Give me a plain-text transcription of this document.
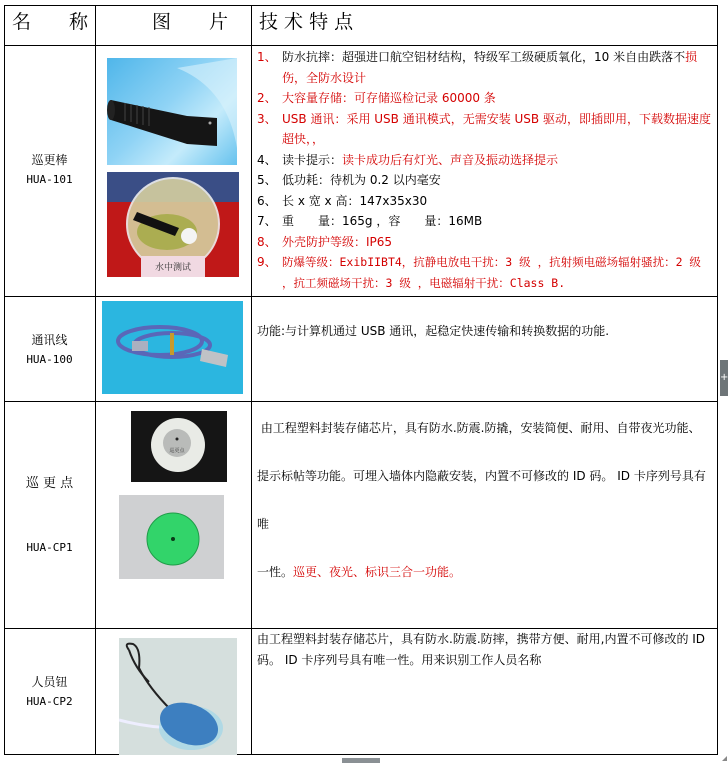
名　　称	图　　片	技 术 特 点
巡更棒
HUA-101
水中测试
1、 防水抗摔：超强进口航空铝材结构，特级军工级硬质氧化，10 米自由跌落不损伤，全防水设计
2、 大容量存储：可存储巡检记录 60000 条
3、 USB 通讯：采用 USB 通讯模式，无需安装 USB 驱动，即插即用，下载数据速度超快，，
4、 读卡提示：读卡成功后有灯光、声音及振动选择提示
5、 低功耗：待机为 0.2 以内毫安
6、 长 x 宽 x 高：147x35x30
7、 重　　量：165g ，容　　量：16MB
8、 外壳防护等级：IP65
9、 防爆等级：ExibIIBT4，抗静电放电干扰：3 级 ，抗射频电磁场辐射骚扰：2 级 ，抗工频磁场干扰：3 级 ，电磁辐射干扰：Class B.
通讯线
HUA-100
功能:与计算机通过 USB 通讯，起稳定快速传输和转换数据的功能.
巡 更 点
HUA-CP1
巡更点
由工程塑料封装存储芯片，具有防水.防震.防撬，安装简便、耐用、自带夜光功能、
提示标帖等功能。可埋入墙体内隐蔽安装，内置不可修改的 ID 码。 ID 卡序列号具有唯
一性。巡更、夜光、标识三合一功能。
人员钮
HUA-CP2
由工程塑料封装存储芯片，具有防水.防震.防摔，携带方便、耐用,内置不可修改的 ID 码。 ID 卡序列号具有唯一性。用来识别工作人员名称
+
